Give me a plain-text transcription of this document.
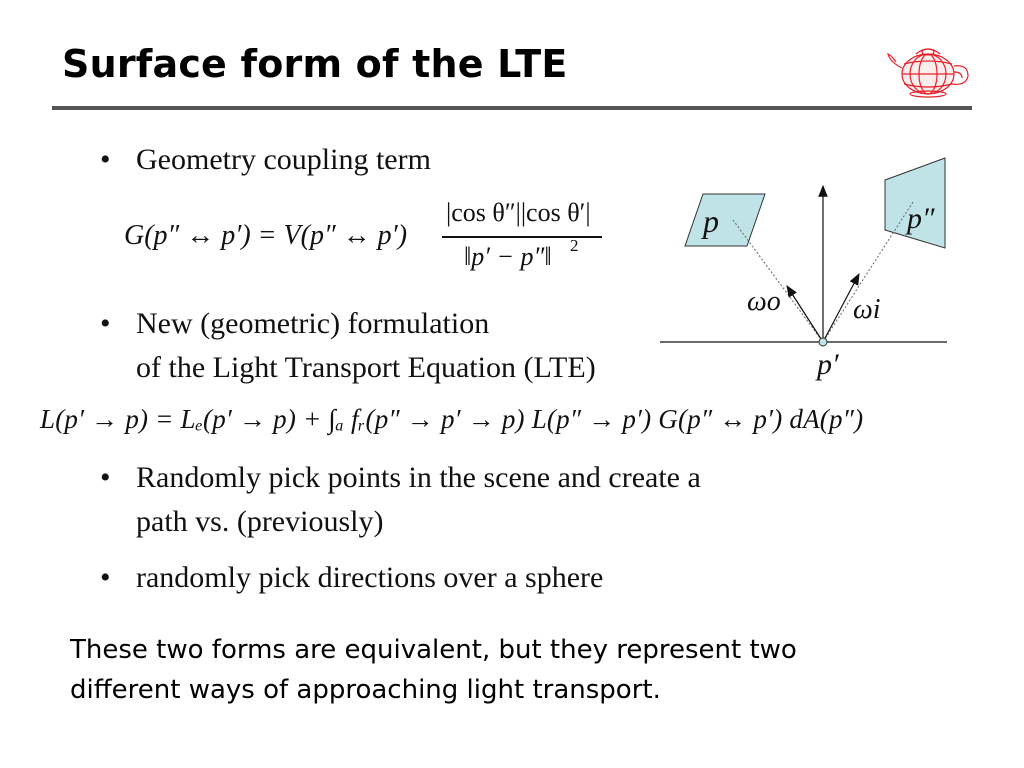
Surface form of the LTE
• Geometry coupling term
G(p″ ↔ p′) = V(p″ ↔ p′)
|cos θ″||cos θ′|
‖p′ − p″‖ 2
• New (geometric) formulation
of the Light Transport Equation (LTE)
L(p′ → p) = Lₑ(p′ → p) + ∫ₐ fᵣ(p″ → p′ → p) L(p″ → p′) G(p″ ↔ p′) dA(p″)
• Randomly pick points in the scene and create a
path vs. (previously)
• randomly pick directions over a sphere
p	p″
p′
ωo	ωi
These two forms are equivalent, but they represent two
different ways of approaching light transport.
